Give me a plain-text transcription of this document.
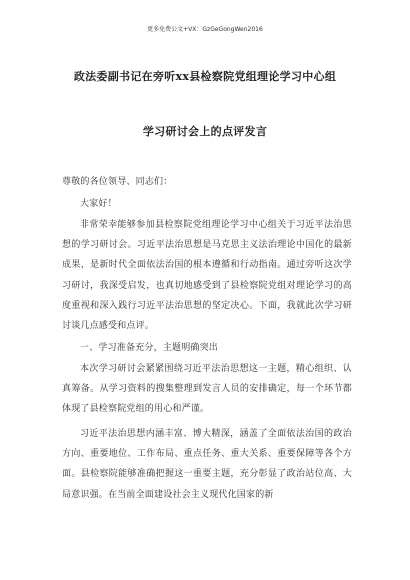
更多免费公文+VX：GzGeGongWen2016
政法委副书记在旁听xx县检察院党组理论学习中心组
学习研讨会上的点评发言
尊敬的各位领导、同志们：
大家好！
非常荣幸能够参加县检察院党组理论学习中心组关于习近平法治思想的学习研讨会。习近平法治思想是马克思主义法治理论中国化的最新成果，是新时代全面依法治国的根本遵循和行动指南。通过旁听这次学习研讨，我深受启发，也真切地感受到了县检察院党组对理论学习的高度重视和深入践行习近平法治思想的坚定决心。下面，我就此次学习研讨谈几点感受和点评。
一、学习准备充分，主题明确突出
本次学习研讨会紧紧围绕习近平法治思想这一主题，精心组织、认真筹备。从学习资料的搜集整理到发言人员的安排确定，每一个环节都体现了县检察院党组的用心和严谨。
习近平法治思想内涵丰富、博大精深，涵盖了全面依法治国的政治方向、重要地位、工作布局、重点任务、重大关系、重要保障等各个方面。县检察院能够准确把握这一重要主题，充分彰显了政治站位高、大局意识强。在当前全面建设社会主义现代化国家的新
